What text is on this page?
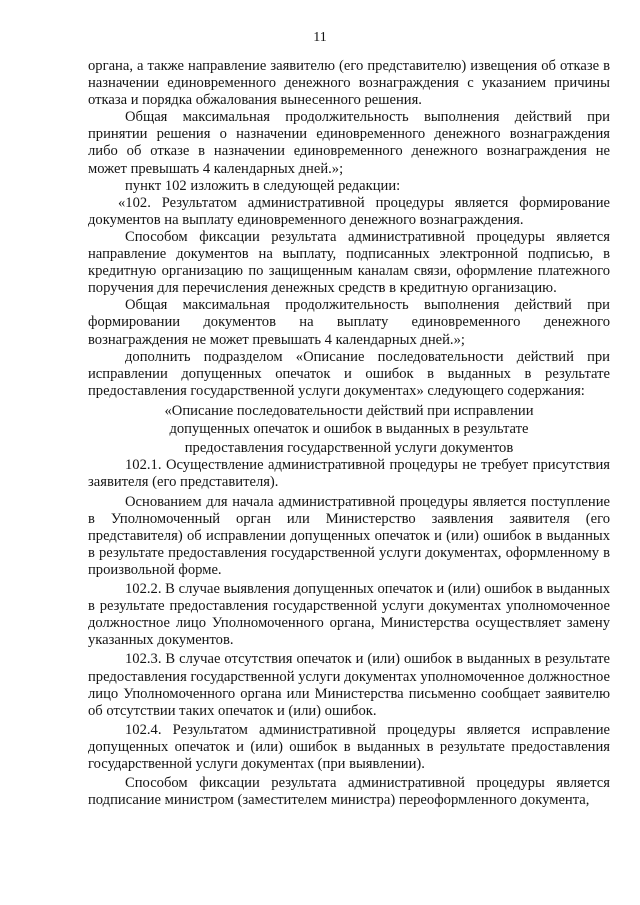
11

органа, а также направление заявителю (его представителю) извещения об отказе в назначении единовременного денежного вознаграждения с указанием причины отказа и порядка обжалования вынесенного решения.

Общая максимальная продолжительность выполнения действий при принятии решения о назначении единовременного денежного вознаграждения либо об отказе в назначении единовременного денежного вознаграждения не может превышать 4 календарных дней.»;

пункт 102 изложить в следующей редакции:

«102. Результатом административной процедуры является формирование документов на выплату единовременного денежного вознаграждения.

Способом фиксации результата административной процедуры является направление документов на выплату, подписанных электронной подписью, в кредитную организацию по защищенным каналам связи, оформление платежного поручения для перечисления денежных средств в кредитную организацию.

Общая максимальная продолжительность выполнения действий при формировании документов на выплату единовременного денежного вознаграждения не может превышать 4 календарных дней.»;

дополнить подразделом «Описание последовательности действий при исправлении допущенных опечаток и ошибок в выданных в результате предоставления государственной услуги документах» следующего содержания:

«Описание последовательности действий при исправлении
допущенных опечаток и ошибок в выданных в результате
предоставления государственной услуги документов

102.1. Осуществление административной процедуры не требует присутствия заявителя (его представителя).

Основанием для начала административной процедуры является поступление в Уполномоченный орган или Министерство заявления заявителя (его представителя) об исправлении допущенных опечаток и (или) ошибок в выданных в результате предоставления государственной услуги документах, оформленному в произвольной форме.

102.2. В случае выявления допущенных опечаток и (или) ошибок в выданных в результате предоставления государственной услуги документах уполномоченное должностное лицо Уполномоченного органа, Министерства осуществляет замену указанных документов.

102.3. В случае отсутствия опечаток и (или) ошибок в выданных в результате предоставления государственной услуги документах уполномоченное должностное лицо Уполномоченного органа или Министерства письменно сообщает заявителю об отсутствии таких опечаток и (или) ошибок.

102.4. Результатом административной процедуры является исправление допущенных опечаток и (или) ошибок в выданных в результате предоставления государственной услуги документах (при выявлении).

Способом фиксации результата административной процедуры является подписание министром (заместителем министра) переоформленного документа,
